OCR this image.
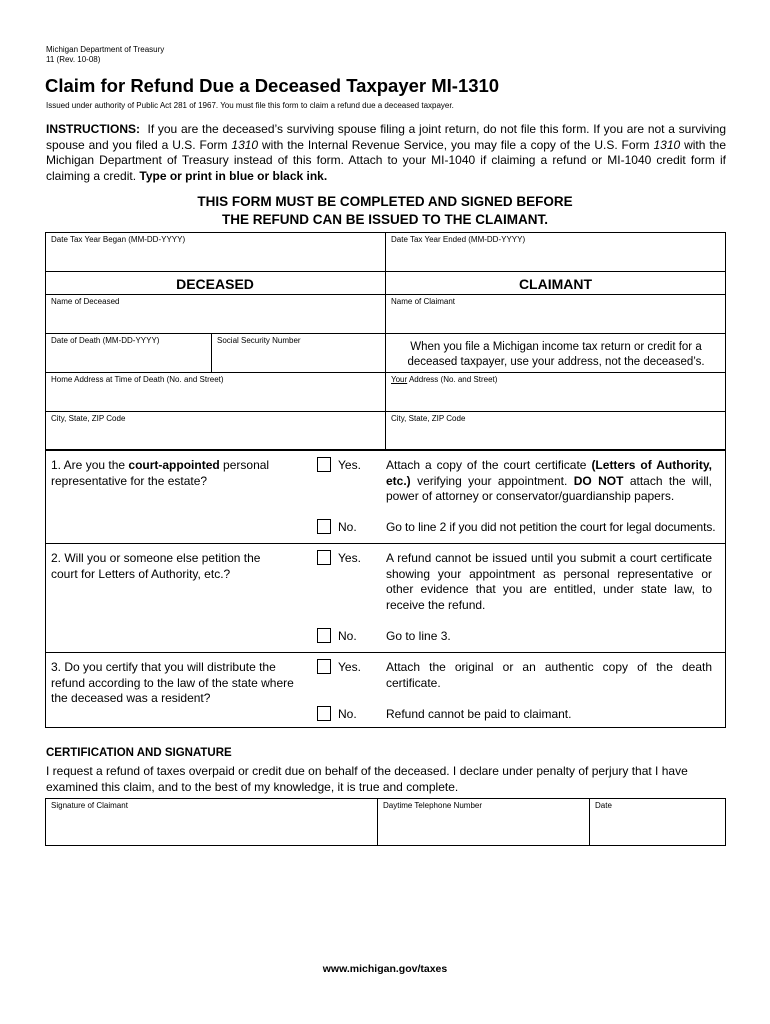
Michigan Department of Treasury
11 (Rev. 10-08)
Claim for Refund Due a Deceased Taxpayer MI-1310
Issued under authority of Public Act 281 of 1967. You must file this form to claim a refund due a deceased taxpayer.
INSTRUCTIONS: If you are the deceased’s surviving spouse filing a joint return, do not file this form. If you are not a surviving spouse and you filed a U.S. Form 1310 with the Internal Revenue Service, you may file a copy of the U.S. Form 1310 with the Michigan Department of Treasury instead of this form. Attach to your MI-1040 if claiming a refund or MI-1040 credit form if claiming a credit. Type or print in blue or black ink.
THIS FORM MUST BE COMPLETED AND SIGNED BEFORE
THE REFUND CAN BE ISSUED TO THE CLAIMANT.
Date Tax Year Began (MM-DD-YYYY)	Date Tax Year Ended (MM-DD-YYYY)
DECEASED	CLAIMANT
Name of Deceased	Name of Claimant
Date of Death (MM-DD-YYYY)	Social Security Number
When you file a Michigan income tax return or credit for a deceased taxpayer, use your address, not the deceased’s.
Home Address at Time of Death (No. and Street)	Your Address (No. and Street)
City, State, ZIP Code	City, State, ZIP Code
1. Are you the court-appointed personal representative for the estate?
Yes. Attach a copy of the court certificate (Letters of Authority, etc.) verifying your appointment. DO NOT attach the will, power of attorney or conservator/guardianship papers.
No. Go to line 2 if you did not petition the court for legal documents.
2. Will you or someone else petition the court for Letters of Authority, etc.?
Yes. A refund cannot be issued until you submit a court certificate showing your appointment as personal representative or other evidence that you are entitled, under state law, to receive the refund.
No. Go to line 3.
3. Do you certify that you will distribute the refund according to the law of the state where the deceased was a resident?
Yes. Attach the original or an authentic copy of the death certificate.
No. Refund cannot be paid to claimant.
CERTIFICATION AND SIGNATURE
I request a refund of taxes overpaid or credit due on behalf of the deceased. I declare under penalty of perjury that I have examined this claim, and to the best of my knowledge, it is true and complete.
Signature of Claimant	Daytime Telephone Number	Date
www.michigan.gov/taxes
